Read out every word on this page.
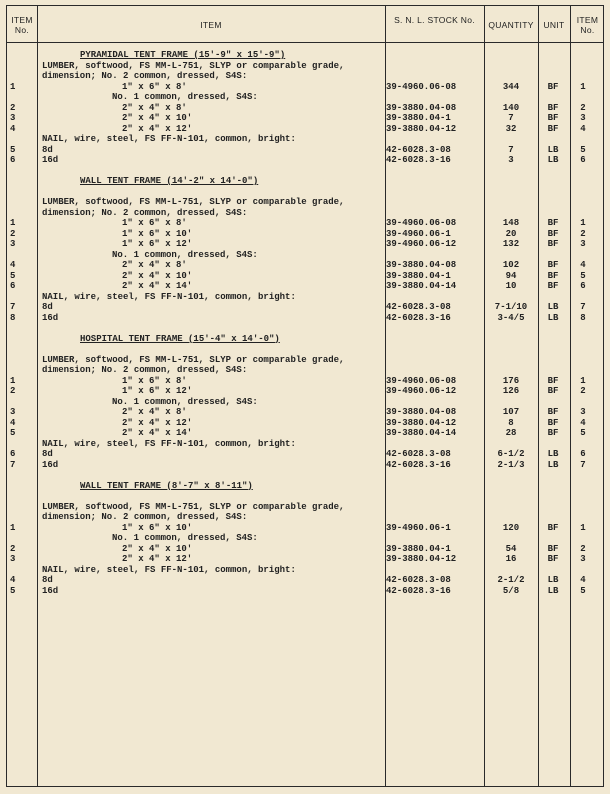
ITEM No.	ITEM	S. N. L. STOCK No.	QUANTITY	UNIT	ITEM No.
PYRAMIDAL TENT FRAME (15'-9" x 15'-9")
LUMBER, softwood, FS MM-L-751, SLYP or comparable grade,
dimension; No. 2 common, dressed, S4S:
1	1" x 6" x 8'	39-4960.06-08	344	BF	1
No. 1 common, dressed, S4S:
2	2" x 4" x 8'	39-3880.04-08	140	BF	2
3	2" x 4" x 10'	39-3880.04-1	7	BF	3
4	2" x 4" x 12'	39-3880.04-12	32	BF	4
NAIL, wire, steel, FS FF-N-101, common, bright:
5	8d	42-6028.3-08	7	LB	5
6	16d	42-6028.3-16	3	LB	6
WALL TENT FRAME (14'-2" x 14'-0")
LUMBER, softwood, FS MM-L-751, SLYP or comparable grade,
dimension; No. 2 common, dressed, S4S:
1	1" x 6" x 8'	39-4960.06-08	148	BF	1
2	1" x 6" x 10'	39-4960.06-1	20	BF	2
3	1" x 6" x 12'	39-4960.06-12	132	BF	3
No. 1 common, dressed, S4S:
4	2" x 4" x 8'	39-3880.04-08	102	BF	4
5	2" x 4" x 10'	39-3880.04-1	94	BF	5
6	2" x 4" x 14'	39-3880.04-14	10	BF	6
NAIL, wire, steel, FS FF-N-101, common, bright:
7	8d	42-6028.3-08	7-1/10	LB	7
8	16d	42-6028.3-16	3-4/5	LB	8
HOSPITAL TENT FRAME (15'-4" x 14'-0")
LUMBER, softwood, FS MM-L-751, SLYP or comparable grade,
dimension; No. 2 common, dressed, S4S:
1	1" x 6" x 8'	39-4960.06-08	176	BF	1
2	1" x 6" x 12'	39-4960.06-12	126	BF	2
No. 1 common, dressed, S4S:
3	2" x 4" x 8'	39-3880.04-08	107	BF	3
4	2" x 4" x 12'	39-3880.04-12	8	BF	4
5	2" x 4" x 14'	39-3880.04-14	28	BF	5
NAIL, wire, steel, FS FF-N-101, common, bright:
6	8d	42-6028.3-08	6-1/2	LB	6
7	16d	42-6028.3-16	2-1/3	LB	7
WALL TENT FRAME (8'-7" x 8'-11")
LUMBER, softwood, FS MM-L-751, SLYP or comparable grade,
dimension; No. 2 common, dressed, S4S:
1	1" x 6" x 10'	39-4960.06-1	120	BF	1
No. 1 common, dressed, S4S:
2	2" x 4" x 10'	39-3880.04-1	54	BF	2
3	2" x 4" x 12'	39-3880.04-12	16	BF	3
NAIL, wire, steel, FS FF-N-101, common, bright:
4	8d	42-6028.3-08	2-1/2	LB	4
5	16d	42-6028.3-16	5/8	LB	5
